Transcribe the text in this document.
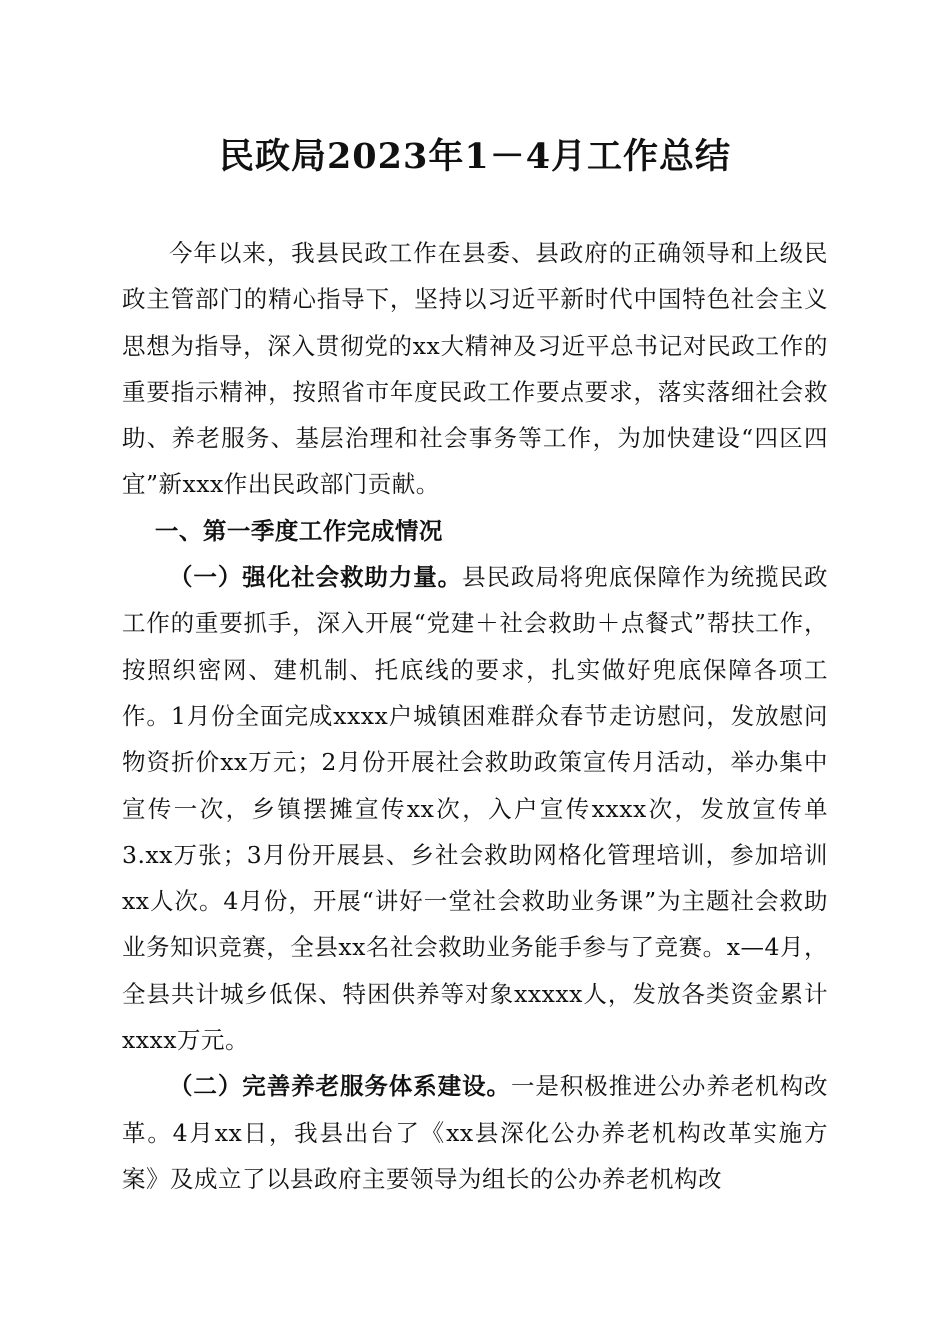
民政局2023年1－4月工作总结

今年以来，我县民政工作在县委、县政府的正确领导和上级民政主管部门的精心指导下，坚持以习近平新时代中国特色社会主义思想为指导，深入贯彻党的xx大精神及习近平总书记对民政工作的重要指示精神，按照省市年度民政工作要点要求，落实落细社会救助、养老服务、基层治理和社会事务等工作，为加快建设“四区四宜”新xxx作出民政部门贡献。

一、第一季度工作完成情况

（一）强化社会救助力量。县民政局将兜底保障作为统揽民政工作的重要抓手，深入开展“党建＋社会救助＋点餐式”帮扶工作，按照织密网、建机制、托底线的要求，扎实做好兜底保障各项工作。1月份全面完成xxxx户城镇困难群众春节走访慰问，发放慰问物资折价xx万元；2月份开展社会救助政策宣传月活动，举办集中宣传一次，乡镇摆摊宣传xx次，入户宣传xxxx次，发放宣传单3.xx万张；3月份开展县、乡社会救助网格化管理培训，参加培训xx人次。4月份，开展“讲好一堂社会救助业务课”为主题社会救助业务知识竞赛，全县xx名社会救助业务能手参与了竞赛。x—4月，全县共计城乡低保、特困供养等对象xxxxx人，发放各类资金累计xxxx万元。

（二）完善养老服务体系建设。一是积极推进公办养老机构改革。4月xx日，我县出台了《xx县深化公办养老机构改革实施方案》及成立了以县政府主要领导为组长的公办养老机构改
